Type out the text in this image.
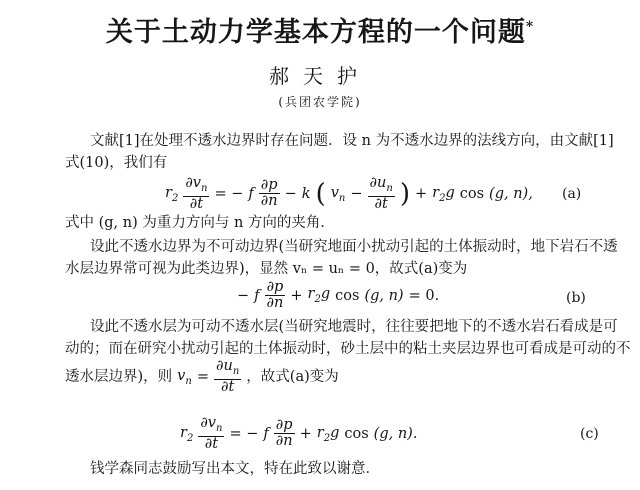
关于土动力学基本方程的一个问题*
郝天护
(兵团农学院)
文献[1]在处理不透水边界时存在问题．设 n 为不透水边界的法线方向，由文献[1]
式(10)，我们有
$r_2 \frac{\partial v_n}{\partial t}$ = − f $\frac{\partial p}{\partial n} - k$ ( $v_n - \frac{\partial u_n}{\partial t}$ ) + $r_2g$ cos (g, n), (a)
式中 (g, n) 为重力方向与 n 方向的夹角．
设此不透水边界为不可动边界(当研究地面小扰动引起的土体振动时，地下岩石不透
水层边界常可视为此类边界)，显然 vₙ = uₙ = 0，故式(a)变为
− f $\frac{\partial p}{\partial n} + r_2g$ cos (g, n) = 0.	(b)
设此不透水层为可动不透水层(当研究地震时，往往要把地下的不透水岩石看成是可
动的；而在研究小扰动引起的土体振动时，砂土层中的粘土夹层边界也可看成是可动的不
透水层边界)，则 $v_n = \frac{\partial u_n}{\partial t}$ ，故式(a)变为
$r_2 \frac{\partial v_n}{\partial t}$ = − f $\frac{\partial p}{\partial n} + r_2g$ cos (g, n).	(c)
钱学森同志鼓励写出本文，特在此致以谢意．
